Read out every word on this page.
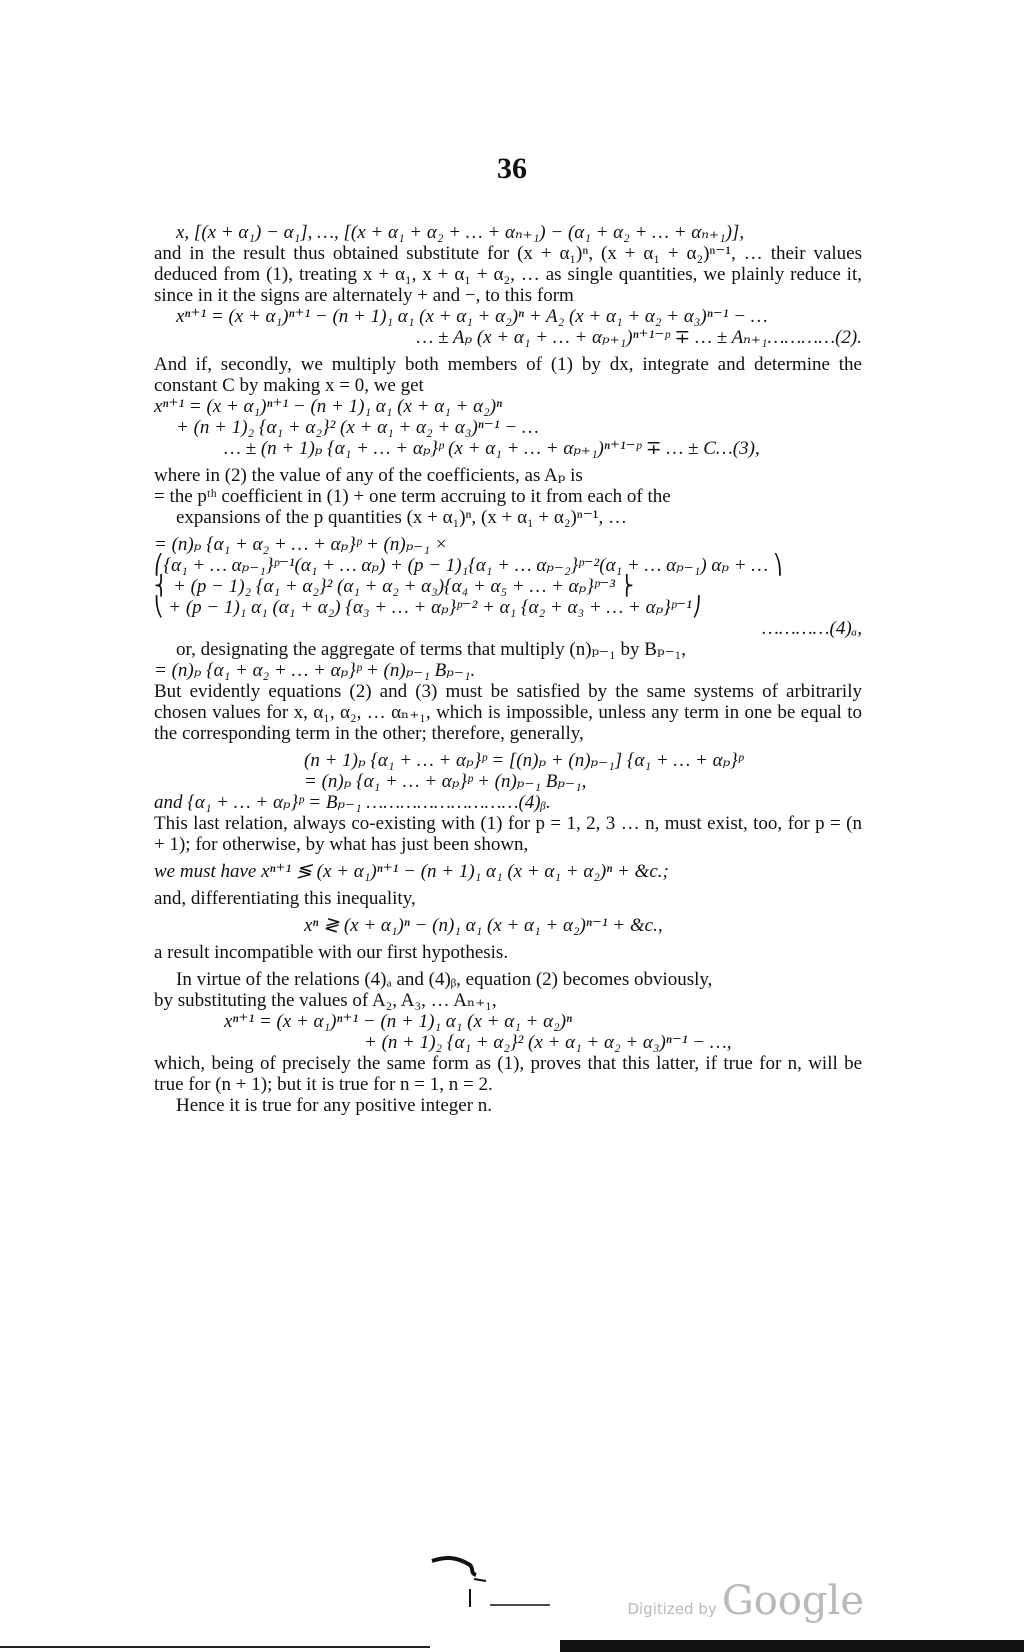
36
x, [(x + α₁) − α₁], …, [(x + α₁ + α₂ + … + αₙ₊₁) − (α₁ + α₂ + … + αₙ₊₁)],
and in the result thus obtained substitute for (x + α₁)ⁿ, (x + α₁ + α₂)ⁿ⁻¹, … their values deduced from (1), treating x + α₁, x + α₁ + α₂, … as single quantities, we plainly reduce it, since in it the signs are alternately + and −, to this form
xⁿ⁺¹ = (x + α₁)ⁿ⁺¹ − (n + 1)₁ α₁ (x + α₁ + α₂)ⁿ + A₂ (x + α₁ + α₂ + α₃)ⁿ⁻¹ − …
… ± Aₚ (x + α₁ + … + αₚ₊₁)ⁿ⁺¹⁻ᵖ ∓ … ± Aₙ₊₁…………(2).
And if, secondly, we multiply both members of (1) by dx, integrate and determine the constant C by making x = 0, we get
xⁿ⁺¹ = (x + α₁)ⁿ⁺¹ − (n + 1)₁ α₁ (x + α₁ + α₂)ⁿ
+ (n + 1)₂ {α₁ + α₂}² (x + α₁ + α₂ + α₃)ⁿ⁻¹ − …
… ± (n + 1)ₚ {α₁ + … + αₚ}ᵖ (x + α₁ + … + αₚ₊₁)ⁿ⁺¹⁻ᵖ ∓ … ± C…(3),
where in (2) the value of any of the coefficients, as Aₚ is
= the pᵗʰ coefficient in (1) + one term accruing to it from each of the
expansions of the p quantities (x + α₁)ⁿ, (x + α₁ + α₂)ⁿ⁻¹, …
= (n)ₚ {α₁ + α₂ + … + αₚ}ᵖ + (n)ₚ₋₁ ×
⎛{α₁ + … αₚ₋₁}ᵖ⁻¹(α₁ + … αₚ) + (p − 1)₁{α₁ + … αₚ₋₂}ᵖ⁻²(α₁ + … αₚ₋₁) αₚ + … ⎞
⎨ + (p − 1)₂ {α₁ + α₂}² (α₁ + α₂ + α₃){α₄ + α₅ + … + αₚ}ᵖ⁻³ ⎬
⎝ + (p − 1)₁ α₁ (α₁ + α₂) {α₃ + … + αₚ}ᵖ⁻² + α₁ {α₂ + α₃ + … + αₚ}ᵖ⁻¹⎠
…………(4)ₐ,
or, designating the aggregate of terms that multiply (n)ₚ₋₁ by Bₚ₋₁,
= (n)ₚ {α₁ + α₂ + … + αₚ}ᵖ + (n)ₚ₋₁ Bₚ₋₁.
But evidently equations (2) and (3) must be satisfied by the same systems of arbitrarily chosen values for x, α₁, α₂, … αₙ₊₁, which is impossible, unless any term in one be equal to the corresponding term in the other; therefore, generally,
(n + 1)ₚ {α₁ + … + αₚ}ᵖ = [(n)ₚ + (n)ₚ₋₁] {α₁ + … + αₚ}ᵖ
= (n)ₚ {α₁ + … + αₚ}ᵖ + (n)ₚ₋₁ Bₚ₋₁,
and {α₁ + … + αₚ}ᵖ = Bₚ₋₁ ………………………(4)ᵦ.
This last relation, always co-existing with (1) for p = 1, 2, 3 … n, must exist, too, for p = (n + 1); for otherwise, by what has just been shown,
we must have xⁿ⁺¹ ≶ (x + α₁)ⁿ⁺¹ − (n + 1)₁ α₁ (x + α₁ + α₂)ⁿ + &c.;
and, differentiating this inequality,
xⁿ ≷ (x + α₁)ⁿ − (n)₁ α₁ (x + α₁ + α₂)ⁿ⁻¹ + &c.,
a result incompatible with our first hypothesis.
In virtue of the relations (4)ₐ and (4)ᵦ, equation (2) becomes obviously,
by substituting the values of A₂, A₃, … Aₙ₊₁,
xⁿ⁺¹ = (x + α₁)ⁿ⁺¹ − (n + 1)₁ α₁ (x + α₁ + α₂)ⁿ
+ (n + 1)₂ {α₁ + α₂}² (x + α₁ + α₂ + α₃)ⁿ⁻¹ − …,
which, being of precisely the same form as (1), proves that this latter, if true for n, will be true for (n + 1); but it is true for n = 1, n = 2.
Hence it is true for any positive integer n.
Digitized by Google
